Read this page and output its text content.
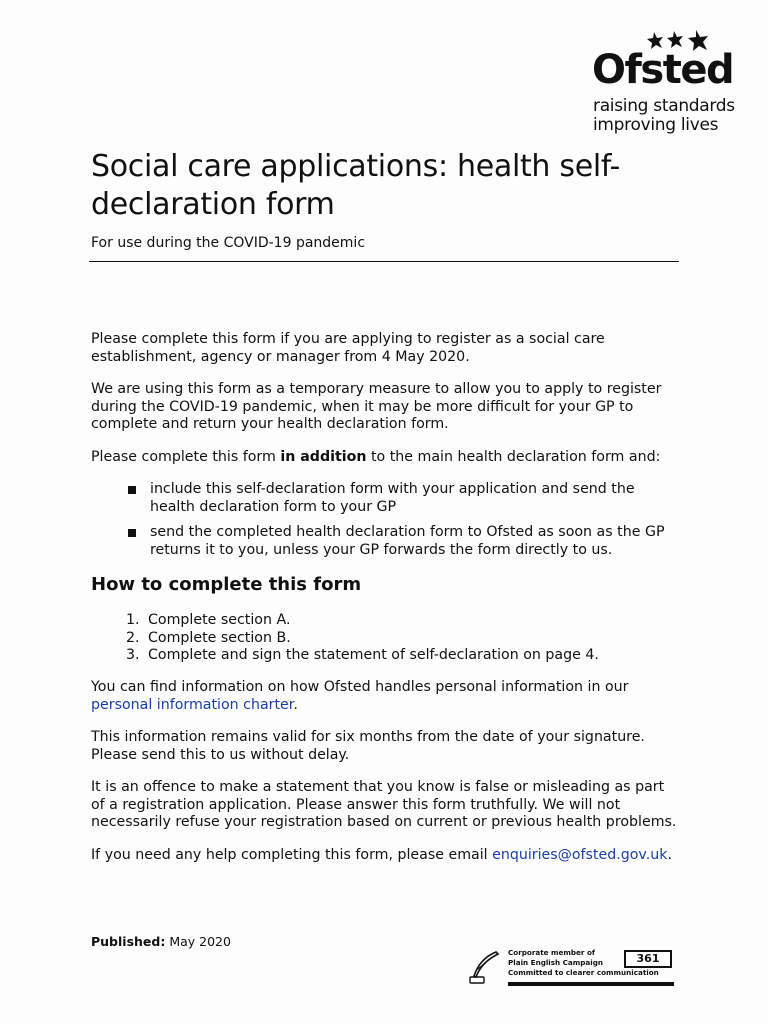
Ofsted
raising standards
improving lives
Social care applications: health self-declaration form

For use during the COVID-19 pandemic

Please complete this form if you are applying to register as a social care establishment, agency or manager from 4 May 2020.

We are using this form as a temporary measure to allow you to apply to register during the COVID-19 pandemic, when it may be more difficult for your GP to complete and return your health declaration form.

Please complete this form in addition to the main health declaration form and:

include this self-declaration form with your application and send the health declaration form to your GP
send the completed health declaration form to Ofsted as soon as the GP returns it to you, unless your GP forwards the form directly to us.
How to complete this form
1. Complete section A.
2. Complete section B.
3. Complete and sign the statement of self-declaration on page 4.

You can find information on how Ofsted handles personal information in our personal information charter.

This information remains valid for six months from the date of your signature. Please send this to us without delay.

It is an offence to make a statement that you know is false or misleading as part of a registration application. Please answer this form truthfully. We will not necessarily refuse your registration based on current or previous health problems.

If you need any help completing this form, please email enquiries@ofsted.gov.uk.

Published: May 2020
Corporate member of
Plain English Campaign
Committed to clearer communication
361
